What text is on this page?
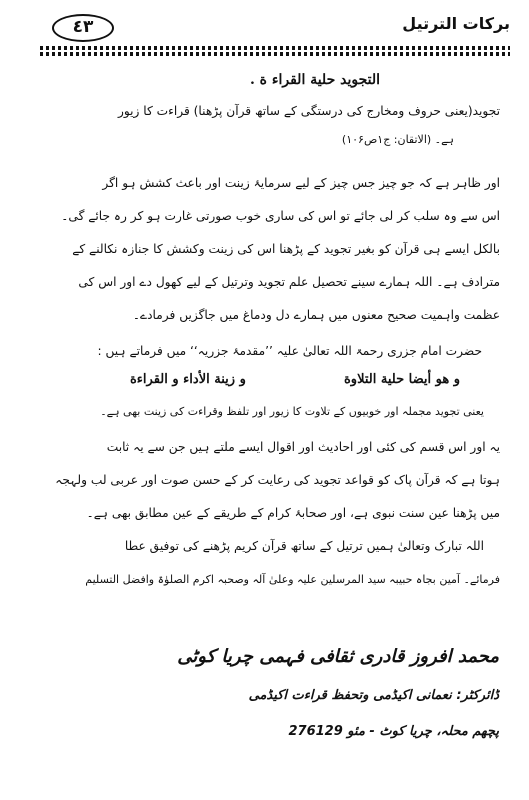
٤٣	بركات الترتيل
التجويد حلية القراء ة .
تجوید(یعنی حروف ومخارج کی درستگی کے ساتھ قرآن پڑھنا) قراءت کا زیور
ہے۔ (الاتقان: ج۱ص۱۰۶)
اور ظاہر ہے کہ جو چیز جس چیز کے لیے سرمایۂ زینت اور باعث کشش ہو اگر
اس سے وہ سلب کر لی جائے تو اس کی ساری خوب صورتی غارت ہو کر رہ جائے گی۔
بالکل ایسے ہی قرآن کو بغیر تجوید کے پڑھنا اس کی زینت وکشش کا جنازہ نکالنے کے
مترادف ہے۔ اللہ ہمارے سینے تحصیل علم تجوید وترتیل کے لیے کھول دے اور اس کی
عظمت واہمیت صحیح معنوں میں ہمارے دل ودماغ میں جاگزیں فرمادے۔
حضرت امام جزری رحمۃ اللہ تعالیٰ علیہ ’’مقدمۂ جزریہ‘‘ میں فرماتے ہیں :
و هو أيضا حلية التلاوة
و زينة الأداء و القراءة
یعنی تجوید مجملہ اور خوبیوں کے تلاوت کا زیور اور تلفظ وقراءت کی زینت بھی ہے۔
یہ اور اس قسم کی کئی اور احادیث اور اقوال ایسے ملتے ہیں جن سے یہ ثابت
ہوتا ہے کہ قرآن پاک کو قواعد تجوید کی رعایت کر کے حسن صوت اور عربی لب ولہجہ
میں پڑھنا عین سنت نبوی ہے، اور صحابۂ کرام کے طریقے کے عین مطابق بھی ہے۔
اللہ تبارک وتعالیٰ ہمیں ترتیل کے ساتھ قرآن کریم پڑھنے کی توفیق عطا
فرمائے۔ آمین بجاہ حبیبہ سید المرسلین علیہ وعلیٰ آلہ وصحبہ اکرم الصلوٰۃ وافضل التسلیم
محمد افروز قادری ثقافی فہمی چریا کوٹی
ڈائرکٹر: نعمانی اکیڈمی وتحفظ قراءت اکیڈمی
پچھم محلہ، چریا کوٹ - مئو 276129
